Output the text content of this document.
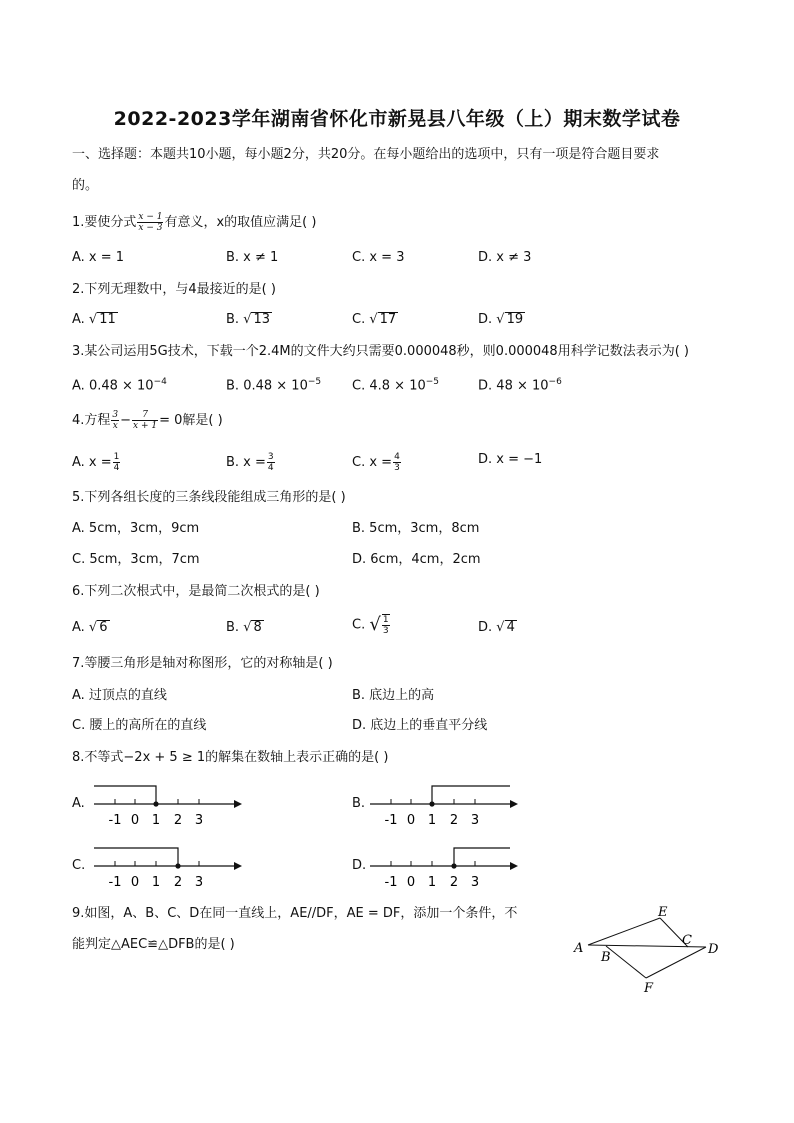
2022-2023学年湖南省怀化市新晃县八年级（上）期末数学试卷
一、选择题：本题共10小题，每小题2分，共20分。在每小题给出的选项中，只有一项是符合题目要求
的。
1.要使分式 $\frac{x - 1}{x - 3}$ 有意义，x的取值应满足( )
A. x = 1	B. x ≠ 1	C. x = 3	D. x ≠ 3
2.下列无理数中，与4最接近的是( )
A. √ 11	B. √ 13	C. √ 17	D. √ 19
3.某公司运用5G技术，下载一个2.4M的文件大约只需要0.000048秒，则0.000048用科学记数法表示为( )
A. $0.48 \times 10^{-4}$	B. $0.48 \times 10^{-5}$ C. $4.8 \times 10^{-5}$	D. $48 \times 10^{-6}$
4.方程 $\frac{3}{x} - \frac{7}{x + 1} = 0$解是( )
A. $x = \frac{1}{4}$	B. $x = \frac{3}{4}$	C. $x = \frac{4}{3}$	D. x = −1
5.下列各组长度的三条线段能组成三角形的是( )
A. 5cm，3cm，9cm	B. 5cm，3cm，8cm
C. 5cm，3cm，7cm	D. 6cm，4cm，2cm
6.下列二次根式中，是最简二次根式的是( )
A. √ 6	B. √ 8	C. √ $\frac{1}{3}$	D. √ 4
7.等腰三角形是轴对称图形，它的对称轴是( )
A. 过顶点的直线	B. 底边上的高
C. 腰上的高所在的直线	D. 底边上的垂直平分线
8.不等式−2x + 5 ≥ 1的解集在数轴上表示正确的是( )
A.	B.
C.	D.
-1 0 1 2 3	-1 0 1 2 3
-1 0 1 2 3	-1 0 1 2 3
9.如图，A、B、C、D在同一直线上，AE//DF，AE = DF，添加一个条件，不
能判定△AEC≌△DFB的是( )	A
B
C
D
E
F
